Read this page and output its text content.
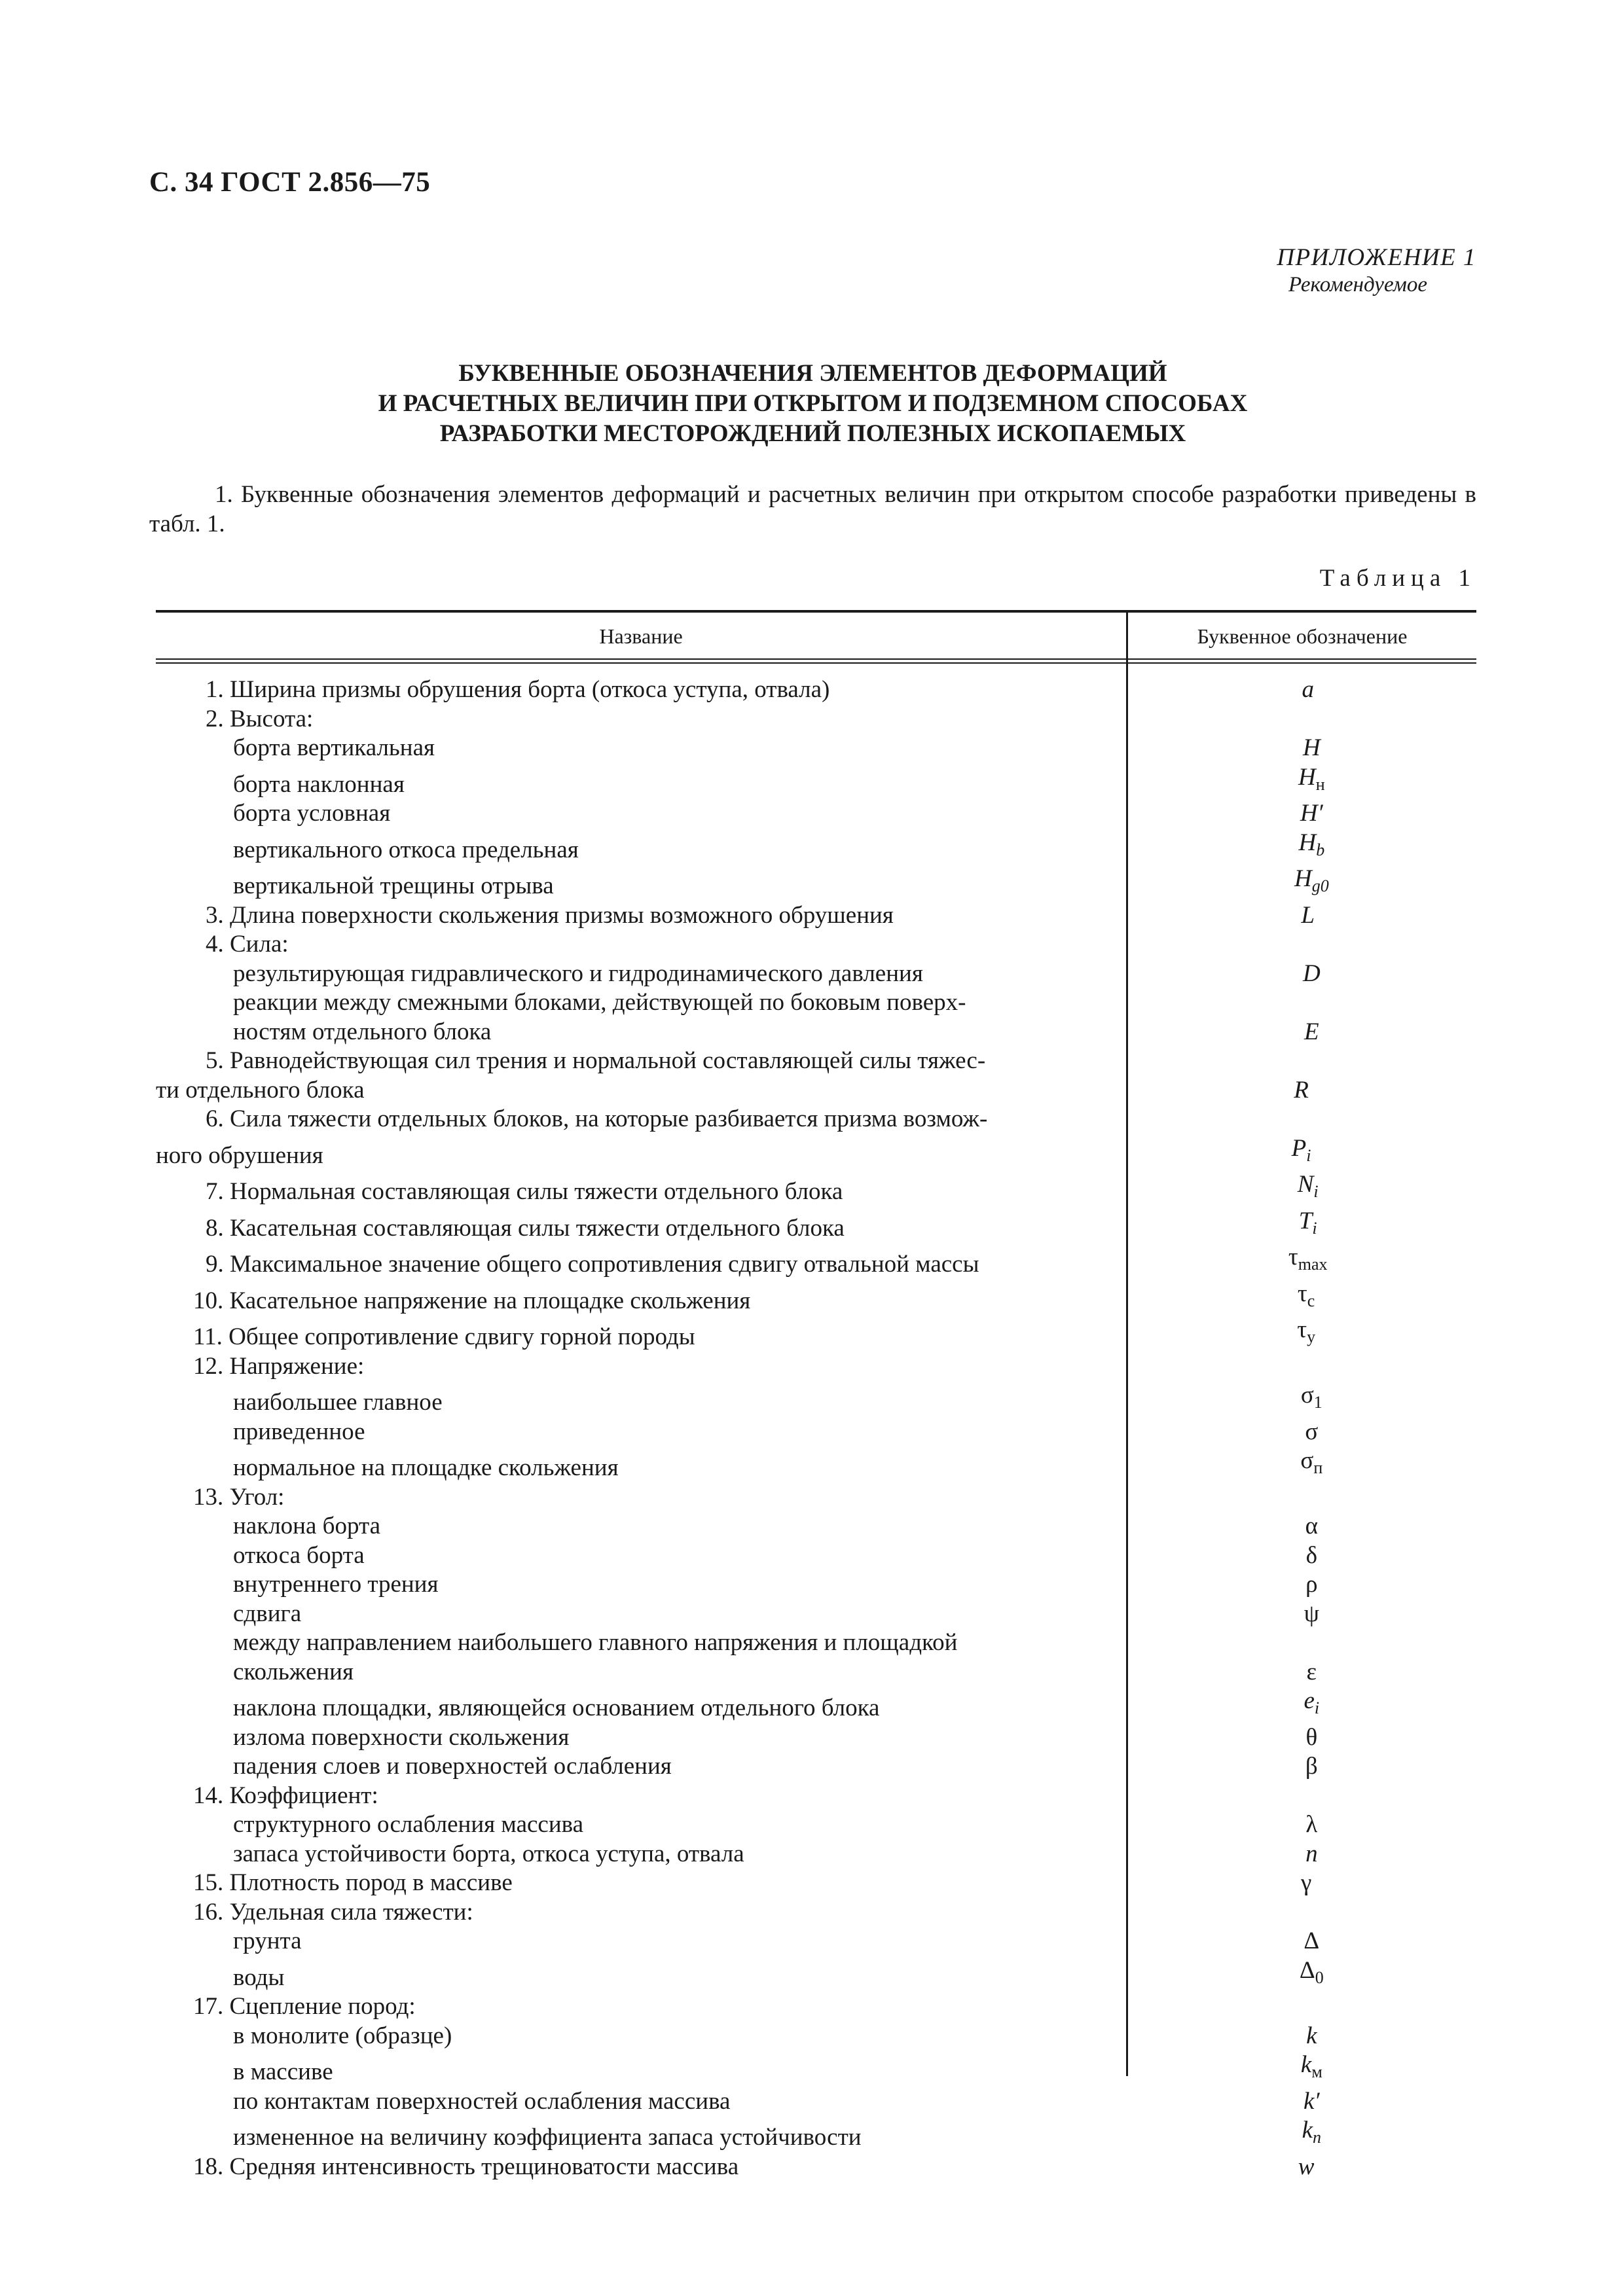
С. 34 ГОСТ 2.856—75
ПРИЛОЖЕНИЕ 1
Рекомендуемое
БУКВЕННЫЕ ОБОЗНАЧЕНИЯ ЭЛЕМЕНТОВ ДЕФОРМАЦИЙ
И РАСЧЕТНЫХ ВЕЛИЧИН ПРИ ОТКРЫТОМ И ПОДЗЕМНОМ СПОСОБАХ
РАЗРАБОТКИ МЕСТОРОЖДЕНИЙ ПОЛЕЗНЫХ ИСКОПАЕМЫХ
1. Буквенные обозначения элементов деформаций и расчетных величин при открытом способе разработки приведены в табл. 1.
Таблица 1
Название	Буквенное обозначение
1. Ширина призмы обрушения борта (откоса уступа, отвала)	a
2. Высота:
борта вертикальная	H
борта наклонная	$H_н$
борта условная	H′
вертикального откоса предельная	$H_b$
вертикальной трещины отрыва	$H_{g0}$
3. Длина поверхности скольжения призмы возможного обрушения	L
4. Сила:
результирующая гидравлического и гидродинамического давления	D
реакции между смежными блоками, действующей по боковым поверх-
ностям отдельного блока	E
5. Равнодействующая сил трения и нормальной составляющей силы тяжес-
ти отдельного блока	R
6. Сила тяжести отдельных блоков, на которые разбивается призма возмож-
ного обрушения	$P_i$
7. Нормальная составляющая силы тяжести отдельного блока	$N_i$
8. Касательная составляющая силы тяжести отдельного блока	$T_i$
9. Максимальное значение общего сопротивления сдвигу отвальной массы	$\tau_{max}$
10. Касательное напряжение на площадке скольжения	$\tau_с$
11. Общее сопротивление сдвигу горной породы	$\tau_у$
12. Напряжение:
наибольшее главное	$\sigma_1$
приведенное	σ
нормальное на площадке скольжения	$\sigma_п$
13. Угол:
наклона борта	α
откоса борта	δ
внутреннего трения	ρ
сдвига	ψ
между направлением наибольшего главного напряжения и площадкой
скольжения	ε
наклона площадки, являющейся основанием отдельного блока	$e_i$
излома поверхности скольжения	θ
падения слоев и поверхностей ослабления	β
14. Коэффициент:
структурного ослабления массива	λ
запаса устойчивости борта, откоса уступа, отвала	n
15. Плотность пород в массиве	γ
16. Удельная сила тяжести:
грунта	Δ
воды	$\Delta_0$
17. Сцепление пород:
в монолите (образце)	k
в массиве	$k_м$
по контактам поверхностей ослабления массива	k′
измененное на величину коэффициента запаса устойчивости	$k_n$
18. Средняя интенсивность трещиноватости массива	w
